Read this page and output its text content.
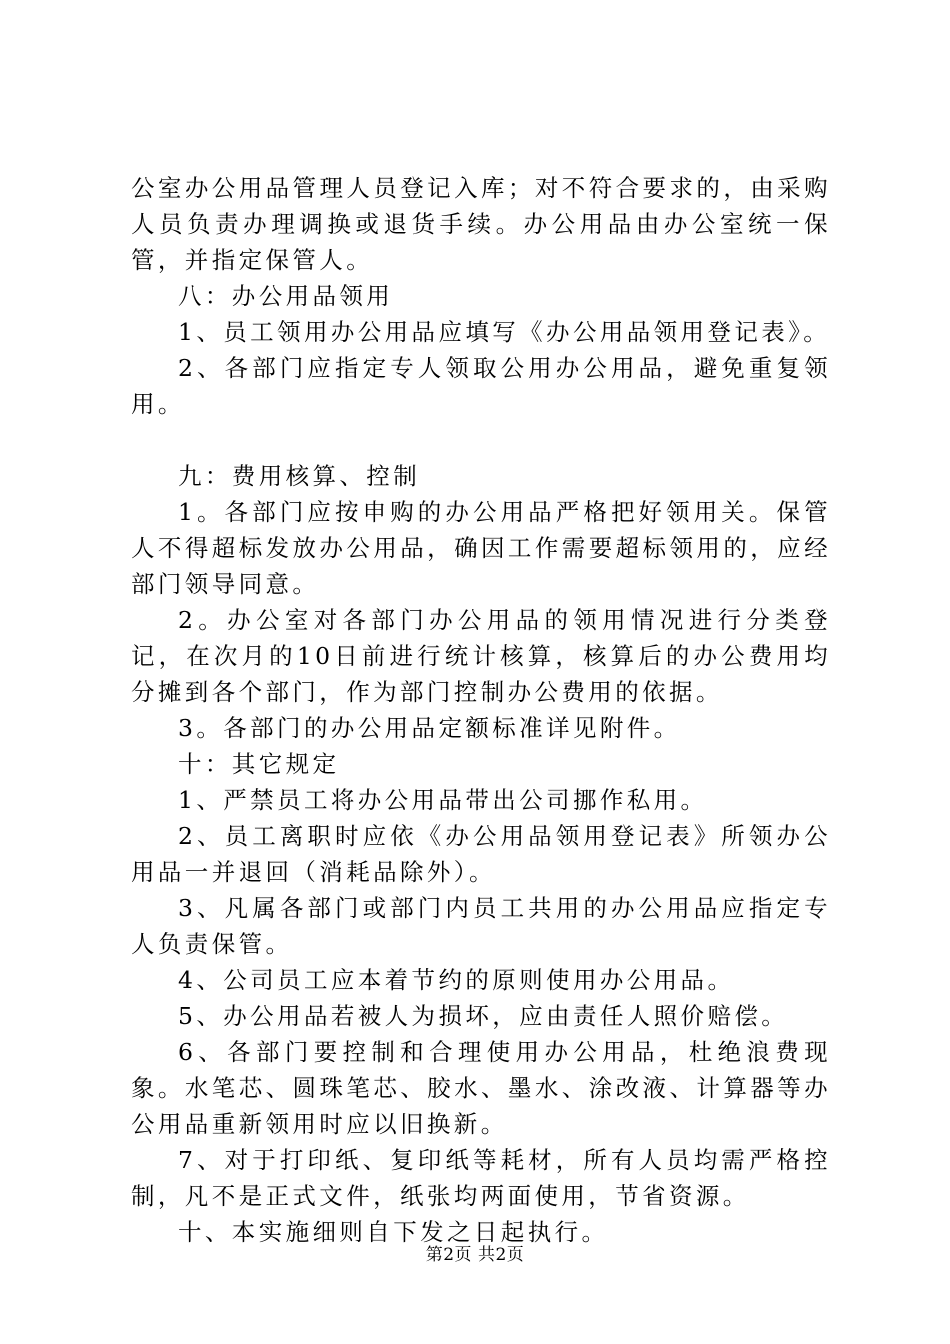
公室办公用品管理人员登记入库；对不符合要求的，由采购人员负责办理调换或退货手续。办公用品由办公室统一保管，并指定保管人。

八：办公用品领用

1、员工领用办公用品应填写《办公用品领用登记表》。

2、各部门应指定专人领取公用办公用品，避免重复领用。

九：费用核算、控制

1。各部门应按申购的办公用品严格把好领用关。保管人不得超标发放办公用品，确因工作需要超标领用的，应经部门领导同意。

2。办公室对各部门办公用品的领用情况进行分类登记，在次月的10日前进行统计核算，核算后的办公费用均分摊到各个部门，作为部门控制办公费用的依据。

3。各部门的办公用品定额标准详见附件。

十：其它规定

1、严禁员工将办公用品带出公司挪作私用。

2、员工离职时应依《办公用品领用登记表》所领办公用品一并退回（消耗品除外）。

3、凡属各部门或部门内员工共用的办公用品应指定专人负责保管。

4、公司员工应本着节约的原则使用办公用品。

5、办公用品若被人为损坏，应由责任人照价赔偿。

6、各部门要控制和合理使用办公用品，杜绝浪费现象。水笔芯、圆珠笔芯、胶水、墨水、涂改液、计算器等办公用品重新领用时应以旧换新。

7、对于打印纸、复印纸等耗材，所有人员均需严格控制，凡不是正式文件，纸张均两面使用，节省资源。

十、本实施细则自下发之日起执行。

第2页 共2页
